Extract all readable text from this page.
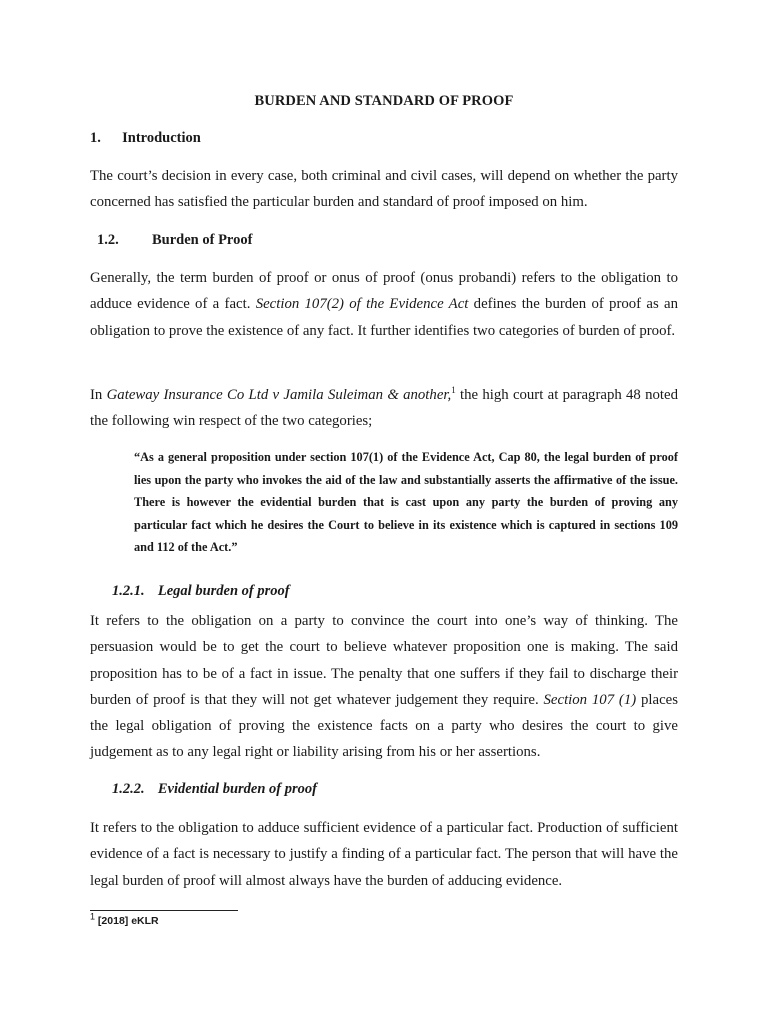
BURDEN AND STANDARD OF PROOF
1. Introduction
The court’s decision in every case, both criminal and civil cases, will depend on whether the party concerned has satisfied the particular burden and standard of proof imposed on him.
1.2. Burden of Proof
Generally, the term burden of proof or onus of proof (onus probandi) refers to the obligation to adduce evidence of a fact. Section 107(2) of the Evidence Act defines the burden of proof as an obligation to prove the existence of any fact. It further identifies two categories of burden of proof.
In Gateway Insurance Co Ltd v Jamila Suleiman & another,$^1$ the high court at paragraph 48 noted the following win respect of the two categories;
“As a general proposition under section 107(1) of the Evidence Act, Cap 80, the legal burden of proof lies upon the party who invokes the aid of the law and substantially asserts the affirmative of the issue. There is however the evidential burden that is cast upon any party the burden of proving any particular fact which he desires the Court to believe in its existence which is captured in sections 109 and 112 of the Act.”
1.2.1. Legal burden of proof
It refers to the obligation on a party to convince the court into one’s way of thinking. The persuasion would be to get the court to believe whatever proposition one is making. The said proposition has to be of a fact in issue. The penalty that one suffers if they fail to discharge their burden of proof is that they will not get whatever judgement they require. Section 107 (1) places the legal obligation of proving the existence facts on a party who desires the court to give judgement as to any legal right or liability arising from his or her assertions.
1.2.2. Evidential burden of proof
It refers to the obligation to adduce sufficient evidence of a particular fact. Production of sufficient evidence of a fact is necessary to justify a finding of a particular fact. The person that will have the legal burden of proof will almost always have the burden of adducing evidence.
$^1$ [2018] eKLR
